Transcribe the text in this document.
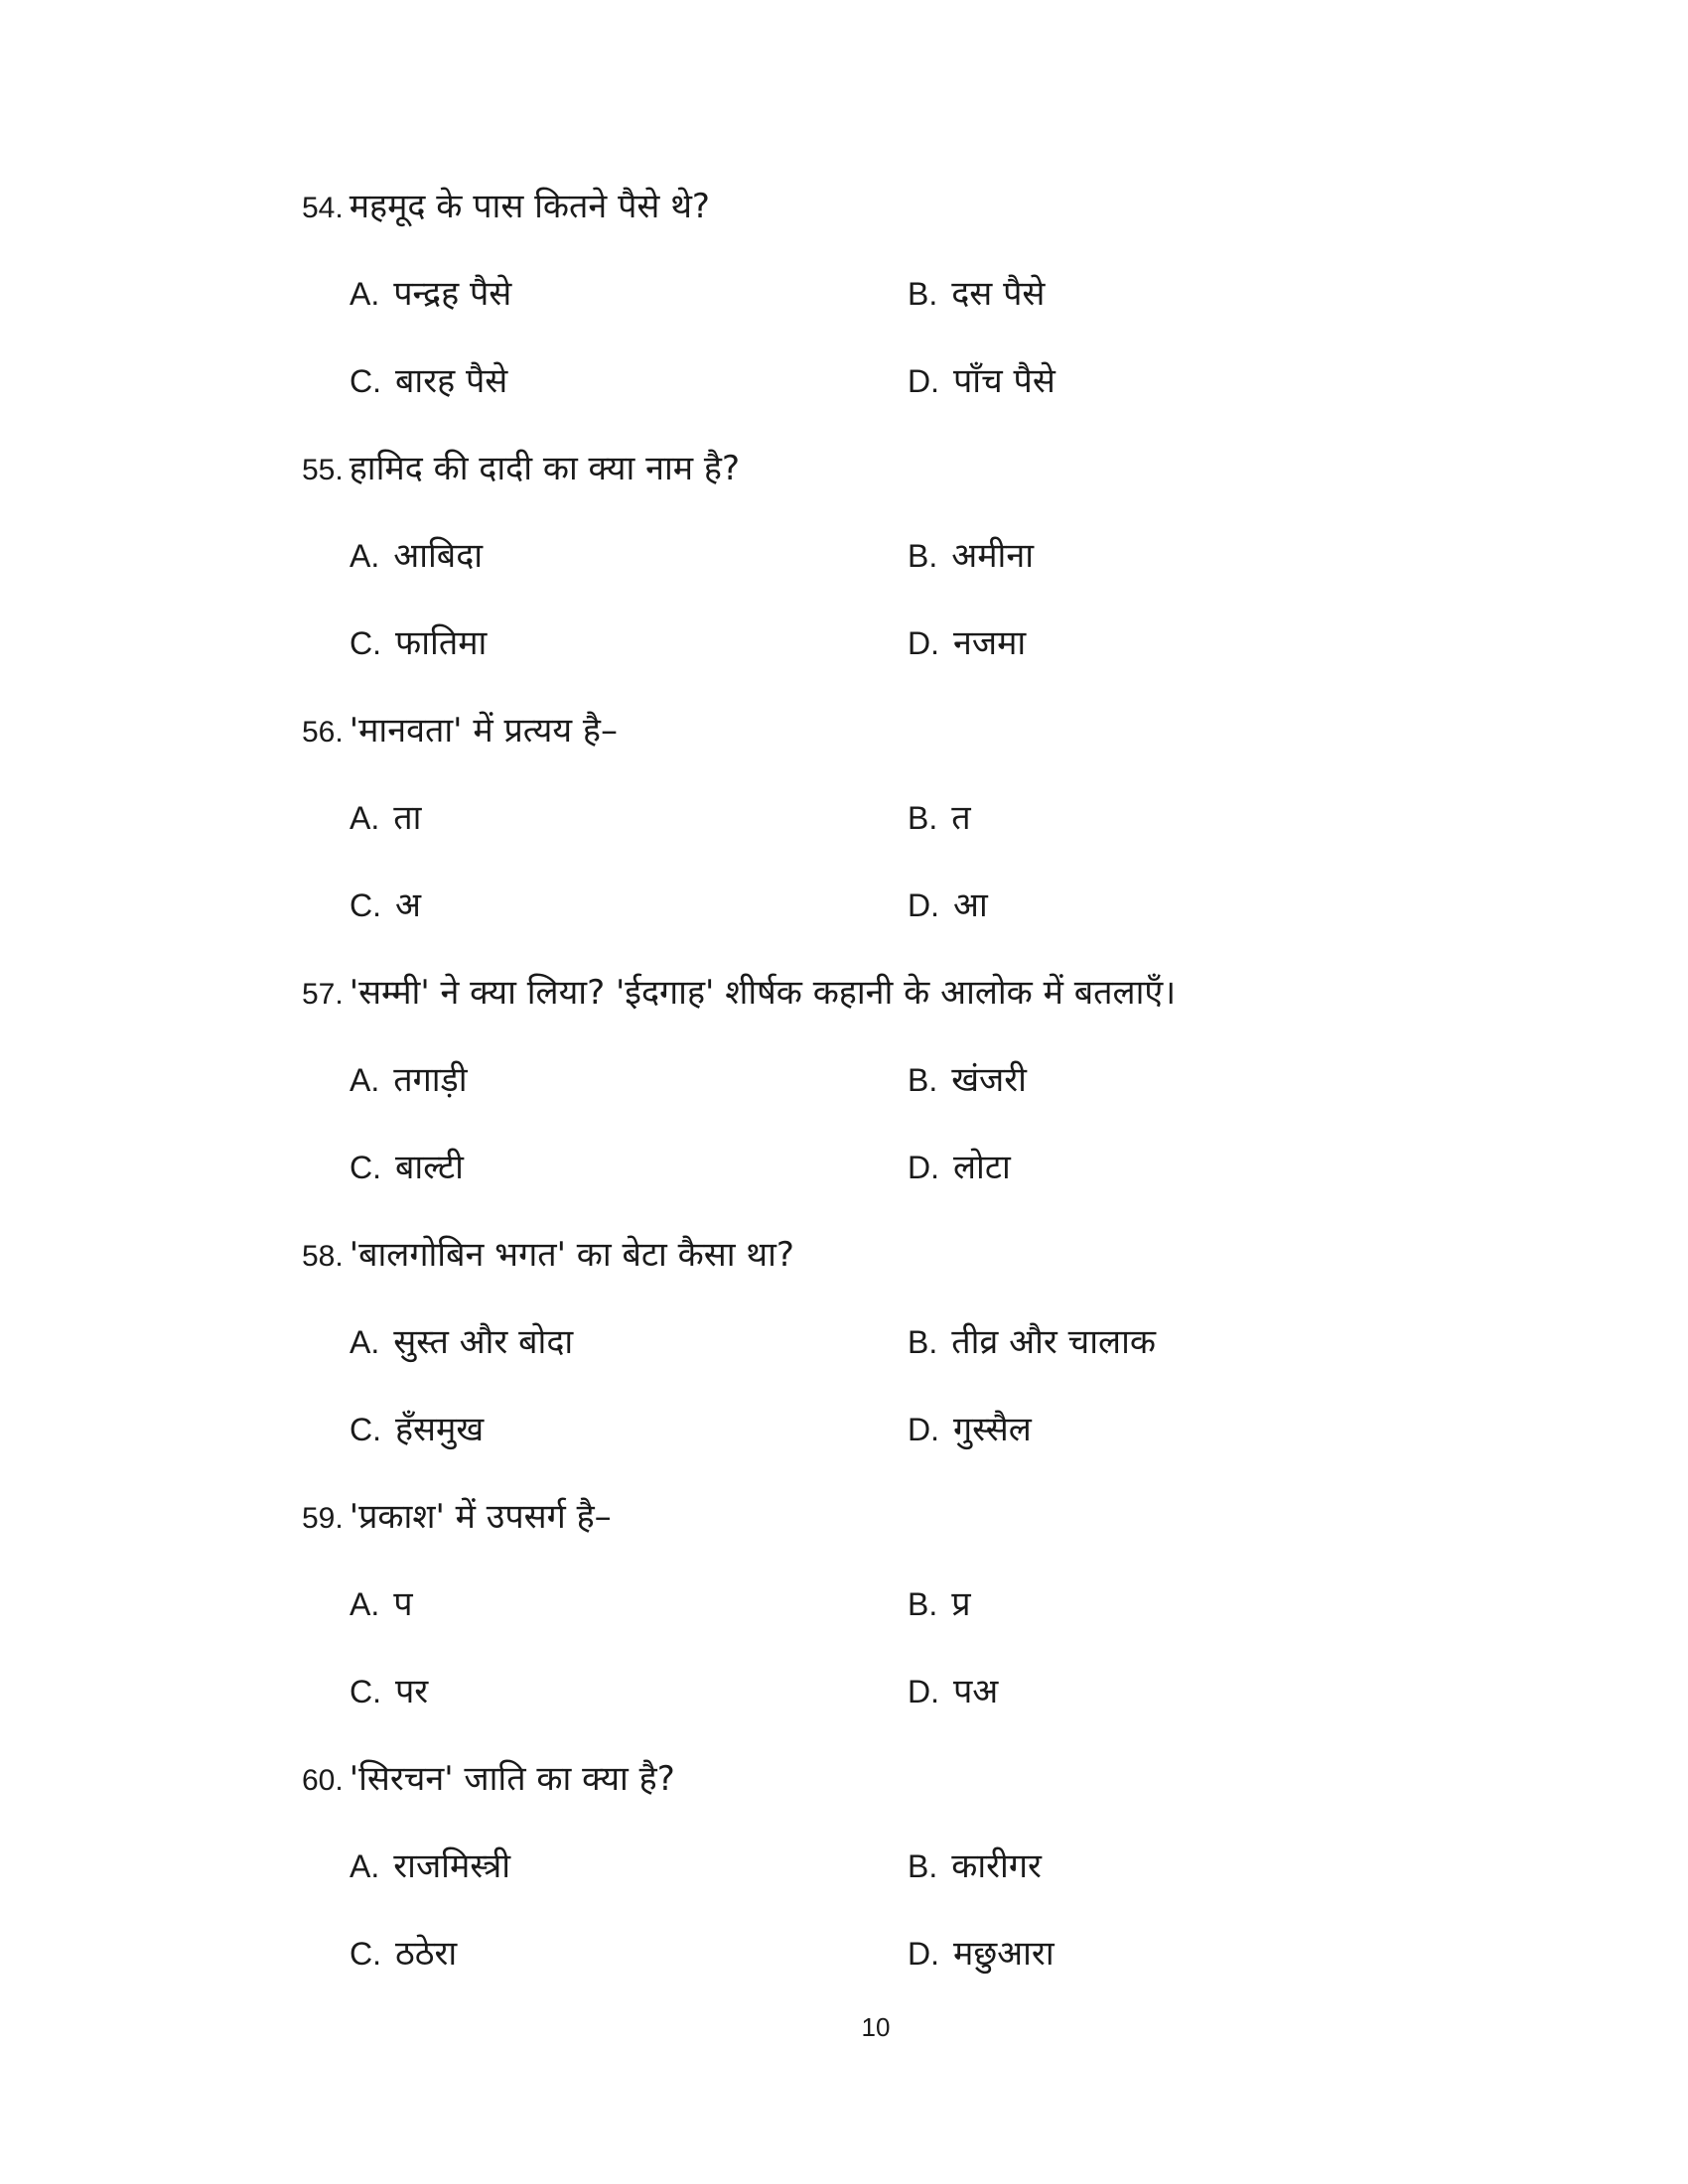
54. महमूद के पास कितने पैसे थे?
A. पन्द्रह पैसे	B. दस पैसे
C. बारह पैसे	D. पाँच पैसे
55. हामिद की दादी का क्या नाम है?
A. आबिदा	B. अमीना
C. फातिमा	D. नजमा
56. 'मानवता' में प्रत्यय है–
A. ता	B. त
C. अ	D. आ
57. 'सम्मी' ने क्या लिया? 'ईदगाह' शीर्षक कहानी के आलोक में बतलाएँ।
A. तगाड़ी	B. खंजरी
C. बाल्टी	D. लोटा
58. 'बालगोबिन भगत' का बेटा कैसा था?
A. सुस्त और बोदा	B. तीव्र और चालाक
C. हँसमुख	D. गुस्सैल
59. 'प्रकाश' में उपसर्ग है–
A. प	B. प्र
C. पर	D. पअ
60. 'सिरचन' जाति का क्या है?
A. राजमिस्त्री	B. कारीगर
C. ठठेरा	D. मछुआरा
10
